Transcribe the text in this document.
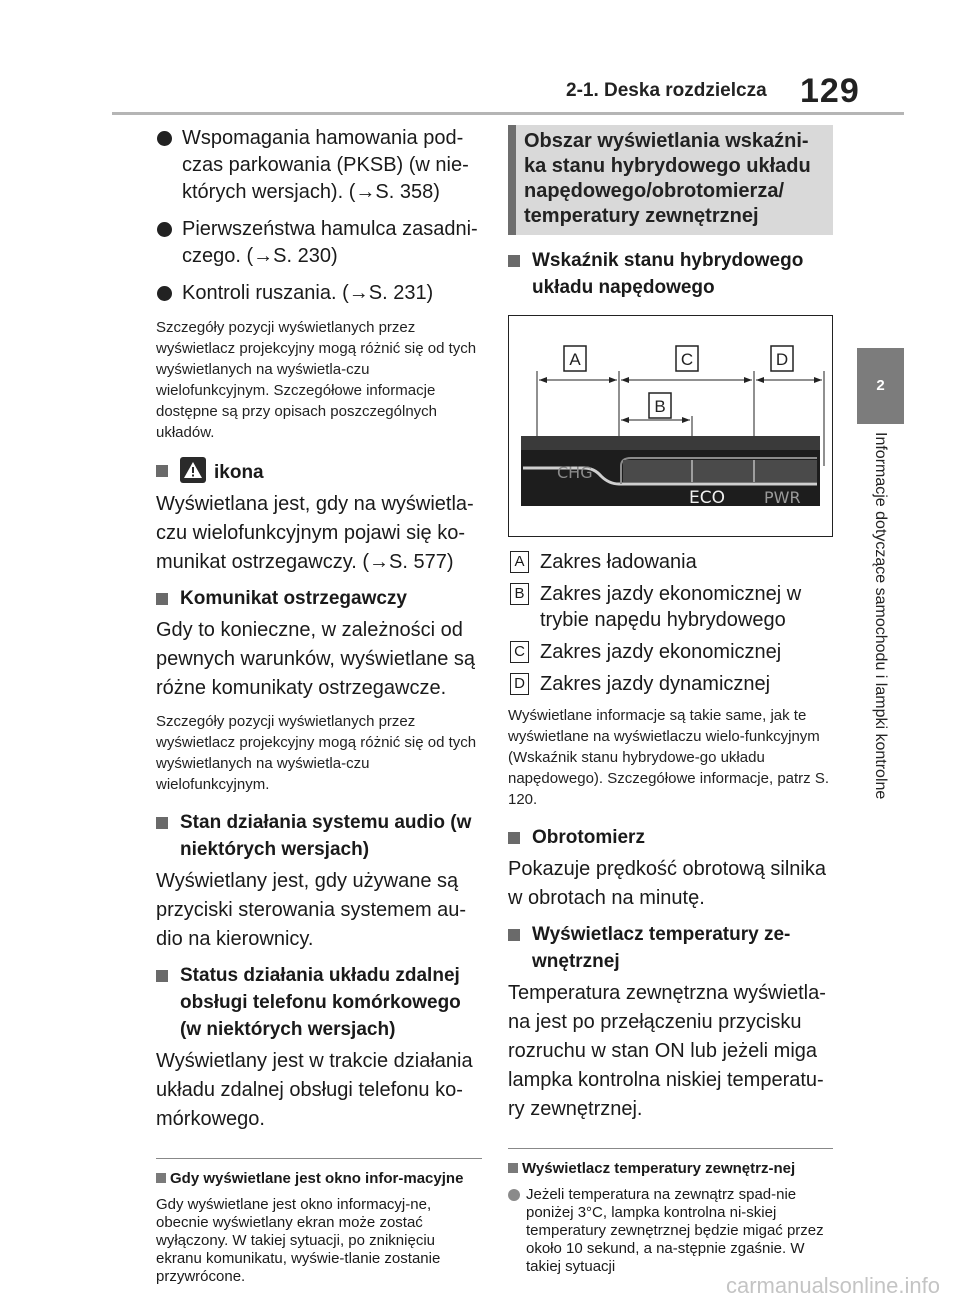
2-1. Deska rozdzielcza 129
2
Informacje dotyczące samochodu i lampki kontrolne
Wspomagania hamowania pod-czas parkowania (PKSB) (w nie-których wersjach). (→S. 358)
Pierwszeństwa hamulca zasadni-czego. (→S. 230)
Kontroli ruszania. (→S. 231)
Szczegóły pozycji wyświetlanych przez wyświetlacz projekcyjny mogą różnić się od tych wyświetlanych na wyświetla-czu wielofunkcyjnym. Szczegółowe informacje dostępne są przy opisach poszczególnych układów.
ikona
Wyświetlana jest, gdy na wyświetla-czu wielofunkcyjnym pojawi się ko-munikat ostrzegawczy. (→S. 577)
Komunikat ostrzegawczy
Gdy to konieczne, w zależności od pewnych warunków, wyświetlane są różne komunikaty ostrzegawcze.
Szczegóły pozycji wyświetlanych przez wyświetlacz projekcyjny mogą różnić się od tych wyświetlanych na wyświetla-czu wielofunkcyjnym.
Stan działania systemu audio (w niektórych wersjach)
Wyświetlany jest, gdy używane są przyciski sterowania systemem au-dio na kierownicy.
Status działania układu zdalnej obsługi telefonu komórkowego (w niektórych wersjach)
Wyświetlany jest w trakcie działania układu zdalnej obsługi telefonu ko-mórkowego.
Gdy wyświetlane jest okno infor-macyjne
Gdy wyświetlane jest okno informacyj-ne, obecnie wyświetlany ekran może zostać wyłączony. W takiej sytuacji, po zniknięciu ekranu komunikatu, wyświe-tlanie zostanie przywrócone.
Obszar wyświetlania wskaźni-ka stanu hybrydowego układu napędowego/obrotomierza/ temperatury zewnętrznej
Wskaźnik stanu hybrydowego układu napędowego
A	C	D
B
CHG
ECO PWR
A Zakres ładowania
B Zakres jazdy ekonomicznej w trybie napędu hybrydowego
C Zakres jazdy ekonomicznej
D Zakres jazdy dynamicznej
Wyświetlane informacje są takie same, jak te wyświetlane na wyświetlaczu wielo-funkcyjnym (Wskaźnik stanu hybrydowe-go układu napędowego). Szczegółowe informacje, patrz S. 120.
Obrotomierz
Pokazuje prędkość obrotową silnika w obrotach na minutę.
Wyświetlacz temperatury ze-wnętrznej
Temperatura zewnętrzna wyświetla-na jest po przełączeniu przycisku rozruchu w stan ON lub jeżeli miga lampka kontrolna niskiej temperatu-ry zewnętrznej.
Wyświetlacz temperatury zewnętrz-nej
Jeżeli temperatura na zewnątrz spad-nie poniżej 3°C, lampka kontrolna ni-skiej temperatury zewnętrznej będzie migać przez około 10 sekund, a na-stępnie zgaśnie. W takiej sytuacji
carmanualsonline.info
